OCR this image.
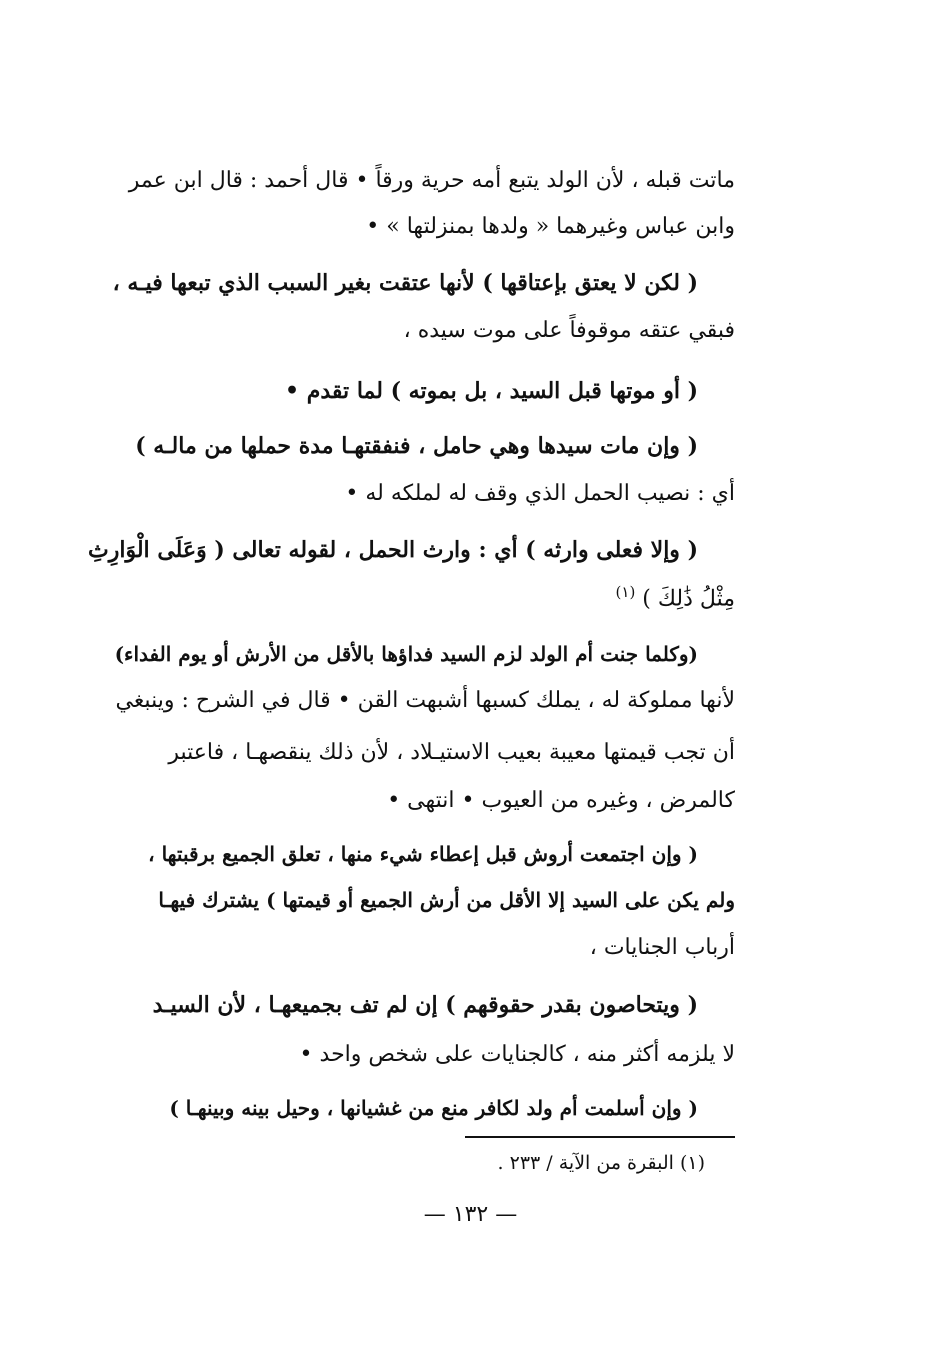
ماتت قبله ، لأن الولد يتبع أمه حرية ورقاً • قال أحمد : قال ابن عمر
وابن عباس وغيرهما « ولدها بمنزلتها » •
( لكن لا يعتق بإعتاقها ) لأنها عتقت بغير السبب الذي تبعها فيـه ،
فبقي عتقه موقوفاً على موت سيده ،
( أو موتها قبل السيد ، بل بموته ) لما تقدم •
( وإن مات سيدها وهي حامل ، فنفقتهـا مدة حملها من مالـه )
أي : نصيب الحمل الذي وقف له لملكه له •
( وإلا فعلى وارثه ) أي : وارث الحمل ، لقوله تعالى ( وَعَلَى الْوَارِثِ
مِثْلُ ذَٰلِكَ ) $^{(١)}$
(وكلما جنت أم الولد لزم السيد فداؤها بالأقل من الأرش أو يوم الفداء)
لأنها مملوكة له ، يملك كسبها أشبهت القن • قال في الشرح : وينبغي
أن تجب قيمتها معيبة بعيب الاستيـلاد ، لأن ذلك ينقصهـا ، فاعتبر
كالمرض ، وغيره من العيوب • انتهى •
( وإن اجتمعت أروش قبل إعطاء شيء منها ، تعلق الجميع برقبتها ،
ولم يكن على السيد إلا الأقل من أرش الجميع أو قيمتها ) يشترك فيهـا
أرباب الجنايات ،
( ويتحاصون بقدر حقوقهم ) إن لم تف بجميعهـا ، لأن السيـد
لا يلزمه أكثر منه ، كالجنايات على شخص واحد •
( وإن أسلمت أم ولد لكافر منع من غشيانها ، وحيل بينه وبينهـا )
(١) البقرة من الآية / ٢٣٣ .
— ١٣٢ —
